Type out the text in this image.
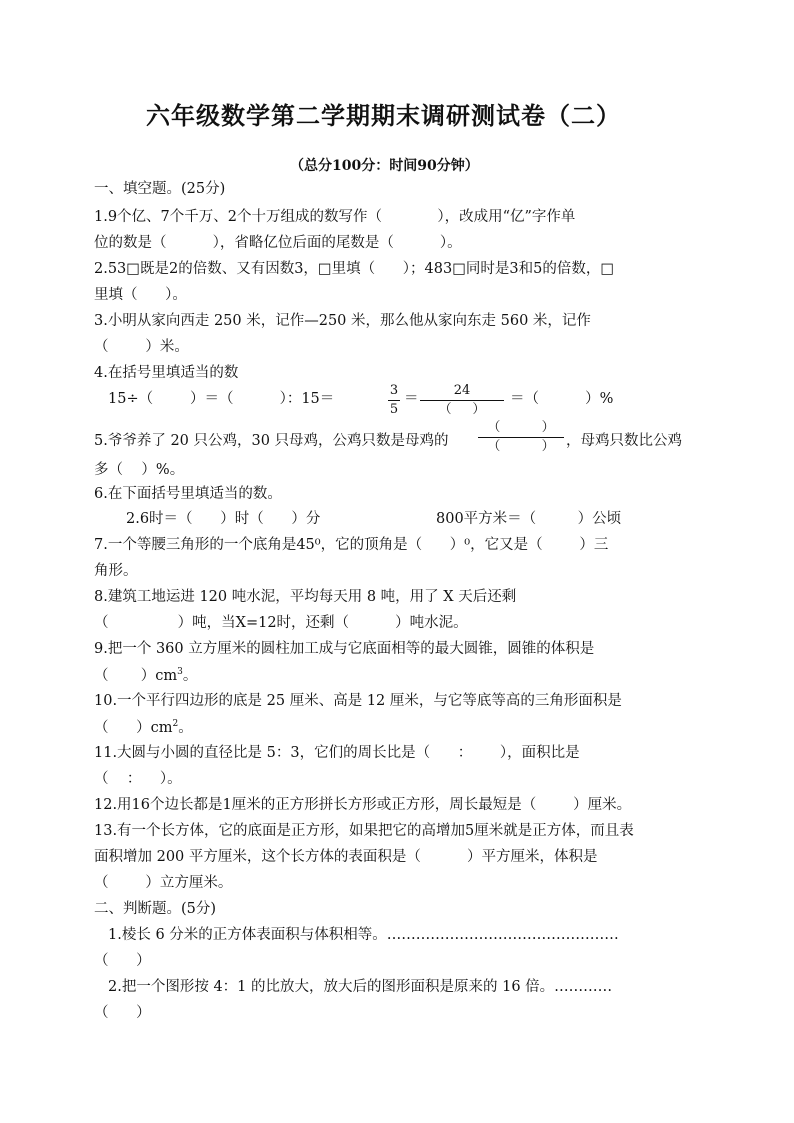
六年级数学第二学期期末调研测试卷（二）
（总分100分：时间90分钟）
一、填空题。(25分)
1.9个亿、7个千万、2个十万组成的数写作（            ），改成用“亿”字作单
位的数是（          ），省略亿位后面的尾数是（          ）。
2.53□既是2的倍数、又有因数3，□里填（      ）；483□同时是3和5的倍数，□
里填（      ）。
3.小明从家向西走 250 米，记作—250 米，那么他从家向东走 560 米，记作
（        ）米。
4.在括号里填适当的数
15÷（        ）＝（          ）：15＝
3
5
＝
24
（     ）
＝（          ）%
5.爷爷养了 20 只公鸡，30 只母鸡，公鸡只数是母鸡的
（          ）
（          ） ，母鸡只数比公鸡
多（    ）%。
6.在下面括号里填适当的数。
2.6时＝（      ）时（      ）分	800平方米＝（         ）公顷
7.一个等腰三角形的一个底角是45⁰，它的顶角是（      ）⁰，它又是（        ）三
角形。
8.建筑工地运进 120 吨水泥，平均每天用 8 吨，用了 X 天后还剩
（               ）吨，当X=12时，还剩（          ）吨水泥。
9.把一个 360 立方厘米的圆柱加工成与它底面相等的最大圆锥，圆锥的体积是
（       ）$cm^3$。
10.一个平行四边形的底是 25 厘米、高是 12 厘米，与它等底等高的三角形面积是
（      ）$cm^2$。
11.大圆与小圆的直径比是 5：3，它们的周长比是（      ：      ），面积比是
（    ：    ）。
12.用16个边长都是1厘米的正方形拼长方形或正方形，周长最短是（        ）厘米。
13.有一个长方体，它的底面是正方形，如果把它的高增加5厘米就是正方体，而且表
面积增加 200 平方厘米，这个长方体的表面积是（          ）平方厘米，体积是
（        ）立方厘米。
二、判断题。(5分)
1.棱长 6 分米的正方体表面积与体积相等。…………………………………………
（      ）
2.把一个图形按 4：1 的比放大，放大后的图形面积是原来的 16 倍。…………
（      ）
